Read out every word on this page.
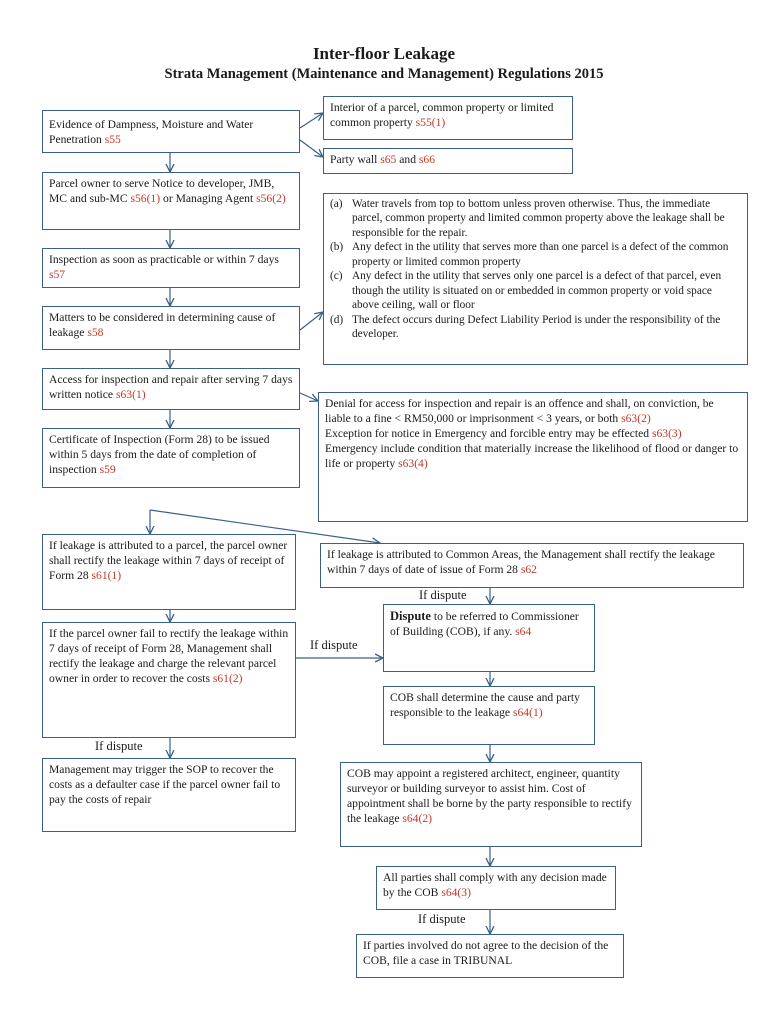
Inter-floor Leakage
Strata Management (Maintenance and Management) Regulations 2015
Evidence of Dampness, Moisture and Water Penetration s55
Parcel owner to serve Notice to developer, JMB, MC and sub-MC s56(1) or Managing Agent s56(2)
Inspection as soon as practicable or within 7 days s57
Matters to be considered in determining cause of leakage s58
Access for inspection and repair after serving 7 days written notice s63(1)
Certificate of Inspection (Form 28) to be issued within 5 days from the date of completion of inspection s59
If leakage is attributed to a parcel, the parcel owner shall rectify the leakage within 7 days of receipt of Form 28 s61(1)
If the parcel owner fail to rectify the leakage within 7 days of receipt of Form 28, Management shall rectify the leakage and charge the relevant parcel owner in order to recover the costs s61(2)
Management may trigger the SOP to recover the costs as a defaulter case if the parcel owner fail to pay the costs of repair
Interior of a parcel, common property or limited common property s55(1)
Party wall s65 and s66
(a) Water travels from top to bottom unless proven otherwise. Thus, the immediate parcel, common property and limited common property above the leakage shall be responsible for the repair.
(b) Any defect in the utility that serves more than one parcel is a defect of the common property or limited common property
(c) Any defect in the utility that serves only one parcel is a defect of that parcel, even though the utility is situated on or embedded in common property or void space above ceiling, wall or floor
(d) The defect occurs during Defect Liability Period is under the responsibility of the developer.
Denial for access for inspection and repair is an offence and shall, on conviction, be liable to a fine < RM50,000 or imprisonment < 3 years, or both s63(2)
Exception for notice in Emergency and forcible entry may be effected s63(3)
Emergency include condition that materially increase the likelihood of flood or danger to life or property s63(4)
If leakage is attributed to Common Areas, the Management shall rectify the leakage within 7 days of date of issue of Form 28 s62
Dispute to be referred to Commissioner of Building (COB), if any. s64
COB shall determine the cause and party responsible to the leakage s64(1)
COB may appoint a registered architect, engineer, quantity surveyor or building surveyor to assist him. Cost of appointment shall be borne by the party responsible to rectify the leakage s64(2)
All parties shall comply with any decision made by the COB s64(3)
If parties involved do not agree to the decision of the COB, file a case in TRIBUNAL
If dispute
If dispute
If dispute
If dispute
